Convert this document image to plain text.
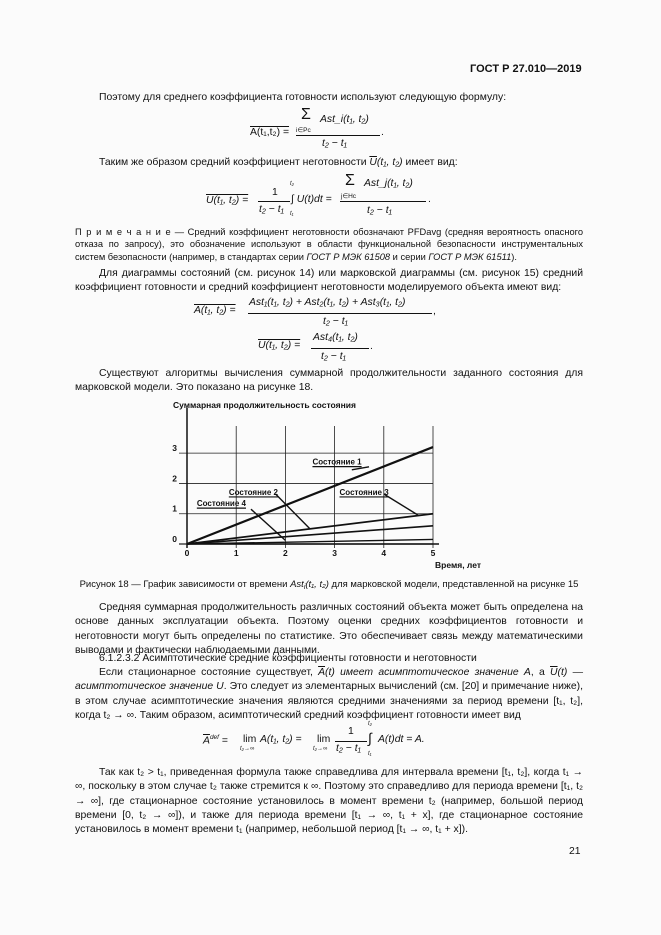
ГОСТ Р 27.010—2019
Поэтому для среднего коэффициента готовности используют следующую формулу:
A(t₁,t₂) =
Σ
i∈Pc
Ast_i(t₁, t₂)
t₂ − t₁
.
Таким же образом средний коэффициент неготовности $\overline{U}(t_1$, t₂) имеет вид:
U(t₁, t₂) =
1
t₂ − t₁
t₂
∫ U(t)dt =
t₁
Σ
j∈Hc
Ast_j(t₁, t₂)
t₂ − t₁
.
П р и м е ч а н и е — Средний коэффициент неготовности обозначают PFDavg (средняя вероятность опасного отказа по запросу), это обозначение используют в области функциональной безопасности инструментальных систем безопасности (например, в стандартах серии ГОСТ Р МЭК 61508 и серии ГОСТ Р МЭК 61511).
Для диаграммы состояний (см. рисунок 14) или марковской диаграммы (см. рисунок 15) средний коэффициент готовности и средний коэффициент неготовности моделируемого объекта имеют вид:
A(t₁, t₂) =
Ast₁(t₁, t₂) + Ast₂(t₁, t₂) + Ast₃(t₁, t₂)
t₂ − t₁
,
U(t₁, t₂) =
Ast₄(t₁, t₂)
t₂ − t₁
.
Существуют алгоритмы вычисления суммарной продолжительности заданного состояния для марковской модели. Это показано на рисунке 18.
0	1	2	3	4	5
0
1
2
3
Состояние 1
Состояние 2	Состояние 3
Состояние 4
Суммарная продолжительность состояния
Время, лет
Рисунок 18 — График зависимости от времени Ast$_i$(t₁, t₂) для марковской модели, представленной на рисунке 15
Средняя суммарная продолжительность различных состояний объекта может быть определена на основе данных эксплуатации объекта. Поэтому оценки средних коэффициентов готовности и неготовности могут быть определены по статистике. Это обеспечивает связь между математическими выводами и фактически наблюдаемыми данными.
6.1.2.3.2 Асимптотические средние коэффициенты готовности и неготовности
Если стационарное состояние существует, $\overline{A}(t)$ имеет асимптотическое значение A, а $\overline{U}(t)$ — асимптотическое значение U. Это следует из элементарных вычислений (см. [20] и примечание ниже), в этом случае асимптотические значения являются средними значениями за период времени [t₁, t₂], когда t₂ → ∞. Таким образом, асимптотический средний коэффициент готовности имеет вид
$\overline{A}^{def} = \lim$
t₂→∞
A(t₁, t₂) = lim
t₂→∞
1
t₂ − t₁
t₂
∫
t₁
A(t)dt = A.
Так как t₂ > t₁, приведенная формула также справедлива для интервала времени [t₁, t₂], когда t₁ → ∞, поскольку в этом случае t₂ также стремится к ∞. Поэтому это справедливо для периода времени [t₁, t₂ → ∞], где стационарное состояние установилось в момент времени t₂ (например, большой период времени [0, t₂ → ∞]), и также для периода времени [t₁ → ∞, t₁ + x], где стационарное состояние установилось в момент времени t₁ (например, небольшой период [t₁ → ∞, t₁ + x]).
21
